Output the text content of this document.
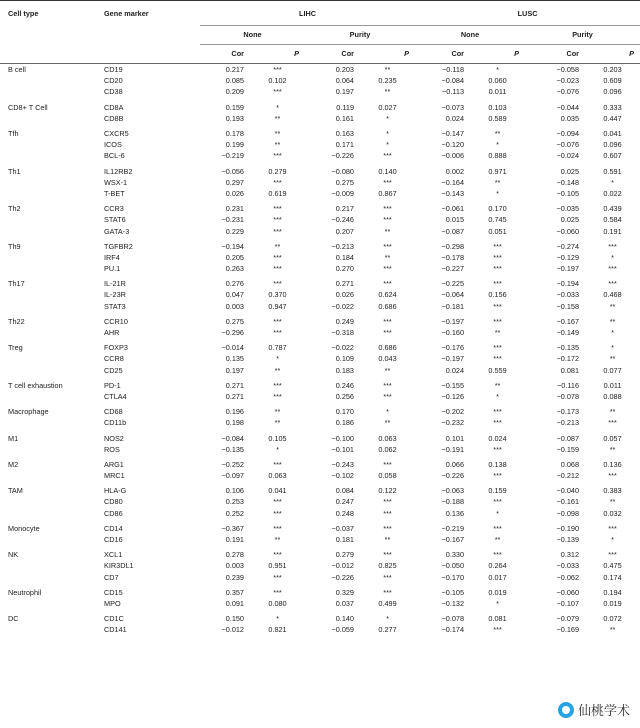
Cell type	Gene marker	LIHC				LUSC			
		None		Purity		None		Purity	
		Cor	P	Cor	P	Cor	P	Cor	P
B cell	CD19	0.217	***	0.203	**	−0.118	*	−0.058	0.203
	CD20	0.085	0.102	0.064	0.235	−0.084	0.060	−0.023	0.609
	CD38	0.209	***	0.197	**	−0.113	0.011	−0.076	0.096
CD8+ T Cell	CD8A	0.159	*	0.119	0.027	−0.073	0.103	−0.044	0.333
	CD8B	0.193	**	0.161	*	0.024	0.589	0.035	0.447
Tfh	CXCR5	0.178	**	0.163	*	−0.147	**	−0.094	0.041
	ICOS	0.199	**	0.171	*	−0.120	*	−0.076	0.096
	BCL-6	−0.219	***	−0.226	***	−0.006	0.888	−0.024	0.607
Th1	IL12RB2	−0.056	0.279	−0.080	0.140	0.002	0.971	0.025	0.591
	WSX-1	0.297	***	0.275	***	−0.164	**	−0.148	*
	T-BET	0.026	0.619	−0.009	0.867	−0.143	*	−0.105	0.022
Th2	CCR3	0.231	***	0.217	***	−0.061	0.170	−0.035	0.439
	STAT6	−0.231	***	−0.246	***	0.015	0.745	0.025	0.584
	GATA-3	0.229	***	0.207	**	−0.087	0.051	−0.060	0.191
Th9	TGFBR2	−0.194	**	−0.213	***	−0.298	***	−0.274	***
	IRF4	0.205	***	0.184	**	−0.178	***	−0.129	*
	PU.1	0.263	***	0.270	***	−0.227	***	−0.197	***
Th17	IL-21R	0.276	***	0.271	***	−0.225	***	−0.194	***
	IL-23R	0.047	0.370	0.026	0.624	−0.064	0.156	−0.033	0.468
	STAT3	0.003	0.947	−0.022	0.686	−0.181	***	−0.158	**
Th22	CCR10	0.275	***	0.249	***	−0.197	***	−0.167	**
	AHR	−0.296	***	−0.318	***	−0.160	**	−0.149	*
Treg	FOXP3	−0.014	0.787	−0.022	0.686	−0.176	***	−0.135	*
	CCR8	0.135	*	0.109	0.043	−0.197	***	−0.172	**
	CD25	0.197	**	0.183	**	0.024	0.559	0.081	0.077
T cell exhaustion	PD-1	0.271	***	0.246	***	−0.155	**	−0.116	0.011
	CTLA4	0.271	***	0.256	***	−0.126	*	−0.078	0.088
Macrophage	CD68	0.196	**	0.170	*	−0.202	***	−0.173	**
	CD11b	0.198	**	0.186	**	−0.232	***	−0.213	***
M1	NOS2	−0.084	0.105	−0.100	0.063	0.101	0.024	−0.087	0.057
	ROS	−0.135	*	−0.101	0.062	−0.191	***	−0.159	**
M2	ARG1	−0.252	***	−0.243	***	0.066	0.138	0.068	0.136
	MRC1	−0.097	0.063	−0.102	0.058	−0.226	***	−0.212	***
TAM	HLA-G	0.106	0.041	0.084	0.122	−0.063	0.159	−0.040	0.383
	CD80	0.253	***	0.247	***	−0.188	***	−0.161	**
	CD86	0.252	***	0.248	***	0.136	*	−0.098	0.032
Monocyte	CD14	−0.367	***	−0.037	***	−0.219	***	−0.190	***
	CD16	0.191	**	0.181	**	−0.167	**	−0.139	*
NK	XCL1	0.278	***	0.279	***	0.330	***	0.312	***
	KIR3DL1	0.003	0.951	−0.012	0.825	−0.050	0.264	−0.033	0.475
	CD7	0.239	***	−0.226	***	−0.170	0.017	−0.062	0.174
Neutrophil	CD15	0.357	***	0.329	***	−0.105	0.019	−0.060	0.194
	MPO	0.091	0.080	0.037	0.499	−0.132	*	−0.107	0.019
DC	CD1C	0.150	*	0.140	*	−0.078	0.081	−0.079	0.072
	CD141	−0.012	0.821	−0.059	0.277	−0.174	***	−0.169	**
仙桃学术
